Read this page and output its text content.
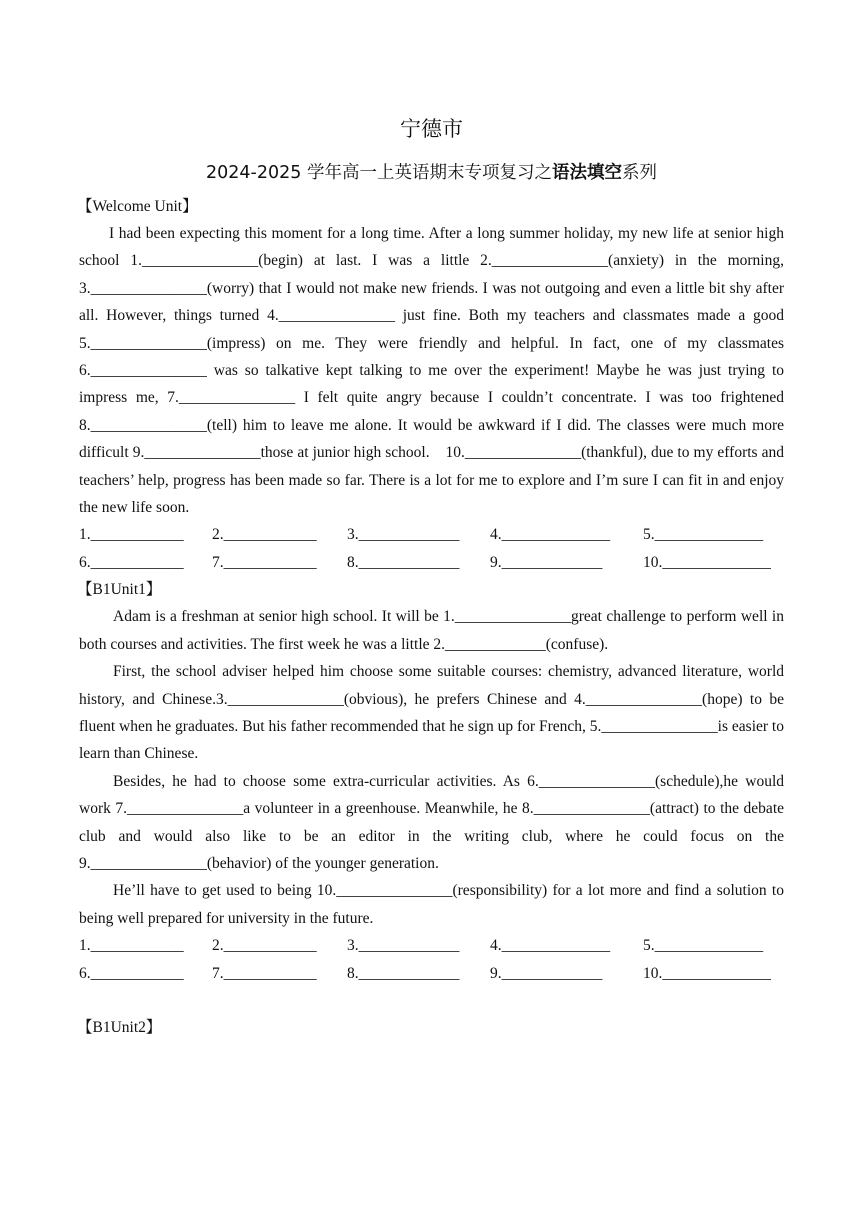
宁德市
2024-2025 学年高一上英语期末专项复习之语法填空系列
【Welcome Unit】

I had been expecting this moment for a long time. After a long summer holiday, my new life at senior high school 1._______________(begin) at last. I was a little 2._______________(anxiety) in the morning, 3._______________(worry) that I would not make new friends. I was not outgoing and even a little bit shy after all. However, things turned 4._______________ just fine. Both my teachers and classmates made a good 5._______________(impress) on me. They were friendly and helpful. In fact, one of my classmates 6._______________ was so talkative kept talking to me over the experiment! Maybe he was just trying to impress me, 7._______________ I felt quite angry because I couldn’t concentrate. I was too frightened 8._______________(tell) him to leave me alone. It would be awkward if I did. The classes were much more difficult 9._______________those at junior high school.　10._______________(thankful), due to my efforts and teachers’ help, progress has been made so far. There is a lot for me to explore and I’m sure I can fit in and enjoy the new life soon.

1.____________	2.____________	3._____________	4.______________	5.______________
6.____________	7.____________	8._____________	9._____________	10.______________
【B1Unit1】

Adam is a freshman at senior high school. It will be 1._______________great challenge to perform well in both courses and activities. The first week he was a little 2._____________(confuse).

First, the school adviser helped him choose some suitable courses: chemistry, advanced literature, world history, and Chinese.3._______________(obvious), he prefers Chinese and 4._______________(hope) to be fluent when he graduates. But his father recommended that he sign up for French, 5._______________is easier to learn than Chinese.

Besides, he had to choose some extra-curricular activities. As 6._______________(schedule),he would work 7._______________a volunteer in a greenhouse. Meanwhile, he 8._______________(attract) to the debate club and would also like to be an editor in the writing club, where he could focus on the 9._______________(behavior) of the younger generation.

He’ll have to get used to being 10._______________(responsibility) for a lot more and find a solution to being well prepared for university in the future.

1.____________	2.____________	3._____________	4.______________	5.______________
6.____________	7.____________	8._____________	9._____________	10.______________
【B1Unit2】
